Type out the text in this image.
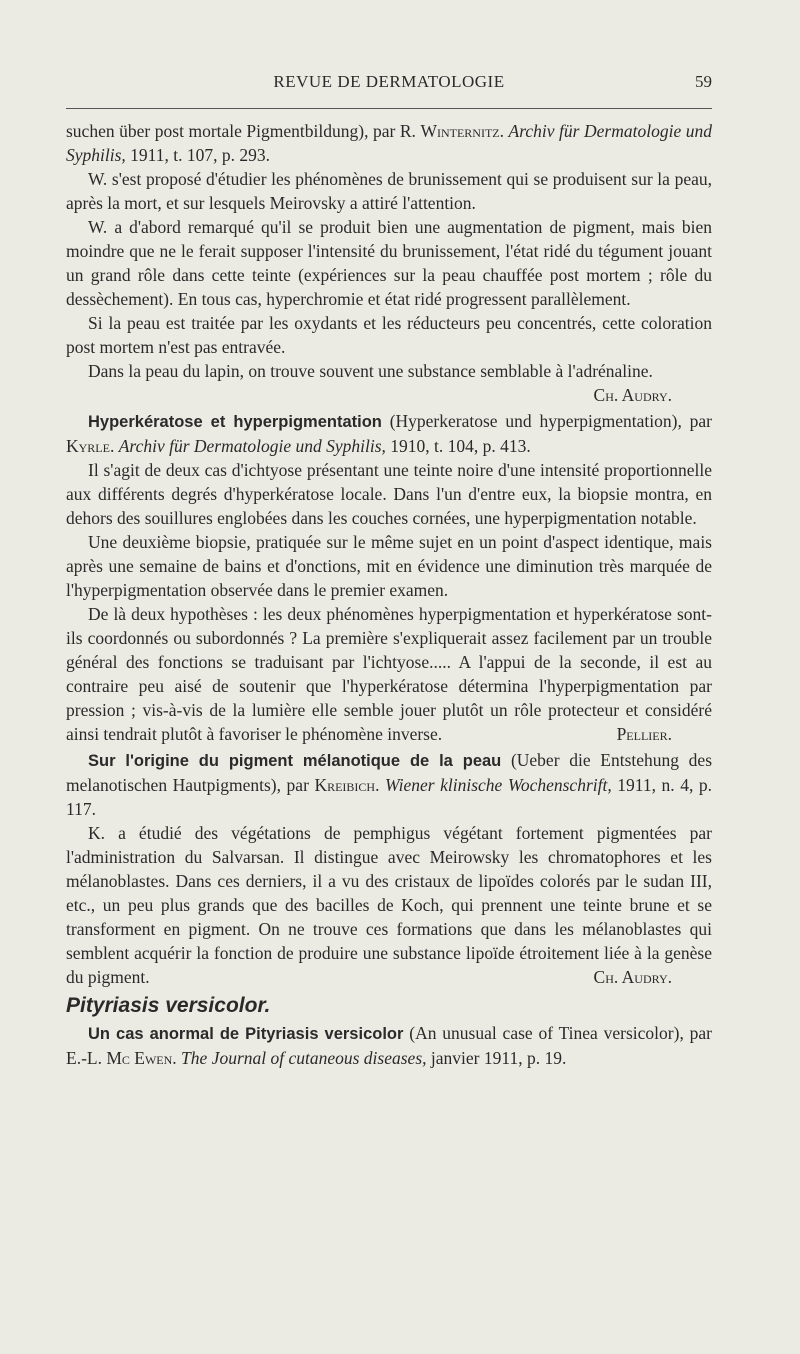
REVUE DE DERMATOLOGIE	59

suchen über post mortale Pigmentbildung), par R. Winternitz. Archiv für Dermatologie und Syphilis, 1911, t. 107, p. 293.

W. s'est proposé d'étudier les phénomènes de brunissement qui se produisent sur la peau, après la mort, et sur lesquels Meirovsky a attiré l'attention.

W. a d'abord remarqué qu'il se produit bien une augmentation de pigment, mais bien moindre que ne le ferait supposer l'intensité du brunissement, l'état ridé du tégument jouant un grand rôle dans cette teinte (expériences sur la peau chauffée post mortem ; rôle du dessèchement). En tous cas, hyperchromie et état ridé progressent parallèlement.

Si la peau est traitée par les oxydants et les réducteurs peu concentrés, cette coloration post mortem n'est pas entravée.

Dans la peau du lapin, on trouve souvent une substance semblable à l'adrénaline.
Ch. Audry.

Hyperkératose et hyperpigmentation (Hyperkeratose und hyperpigmentation), par Kyrle. Archiv für Dermatologie und Syphilis, 1910, t. 104, p. 413.

Il s'agit de deux cas d'ichtyose présentant une teinte noire d'une intensité proportionnelle aux différents degrés d'hyperkératose locale. Dans l'un d'entre eux, la biopsie montra, en dehors des souillures englobées dans les couches cornées, une hyperpigmentation notable.

Une deuxième biopsie, pratiquée sur le même sujet en un point d'aspect identique, mais après une semaine de bains et d'onctions, mit en évidence une diminution très marquée de l'hyperpigmentation observée dans le premier examen.

De là deux hypothèses : les deux phénomènes hyperpigmentation et hyperkératose sont-ils coordonnés ou subordonnés ? La première s'expliquerait assez facilement par un trouble général des fonctions se traduisant par l'ichtyose..... A l'appui de la seconde, il est au contraire peu aisé de soutenir que l'hyperkératose détermina l'hyperpigmentation par pression ; vis-à-vis de la lumière elle semble jouer plutôt un rôle protecteur et considéré ainsi tendrait plutôt à favoriser le phénomène inverse.	Pellier.

Sur l'origine du pigment mélanotique de la peau (Ueber die Entstehung des melanotischen Hautpigments), par Kreibich. Wiener klinische Wochenschrift, 1911, n. 4, p. 117.

K. a étudié des végétations de pemphigus végétant fortement pigmentées par l'administration du Salvarsan. Il distingue avec Meirowsky les chromatophores et les mélanoblastes. Dans ces derniers, il a vu des cristaux de lipoïdes colorés par le sudan III, etc., un peu plus grands que des bacilles de Koch, qui prennent une teinte brune et se transforment en pigment. On ne trouve ces formations que dans les mélanoblastes qui semblent acquérir la fonction de produire une substance lipoïde étroitement liée à la genèse du pigment.	Ch. Audry.

Pityriasis versicolor.

Un cas anormal de Pityriasis versicolor (An unusual case of Tinea versicolor), par E.-L. Mc Ewen. The Journal of cutaneous diseases, janvier 1911, p. 19.
